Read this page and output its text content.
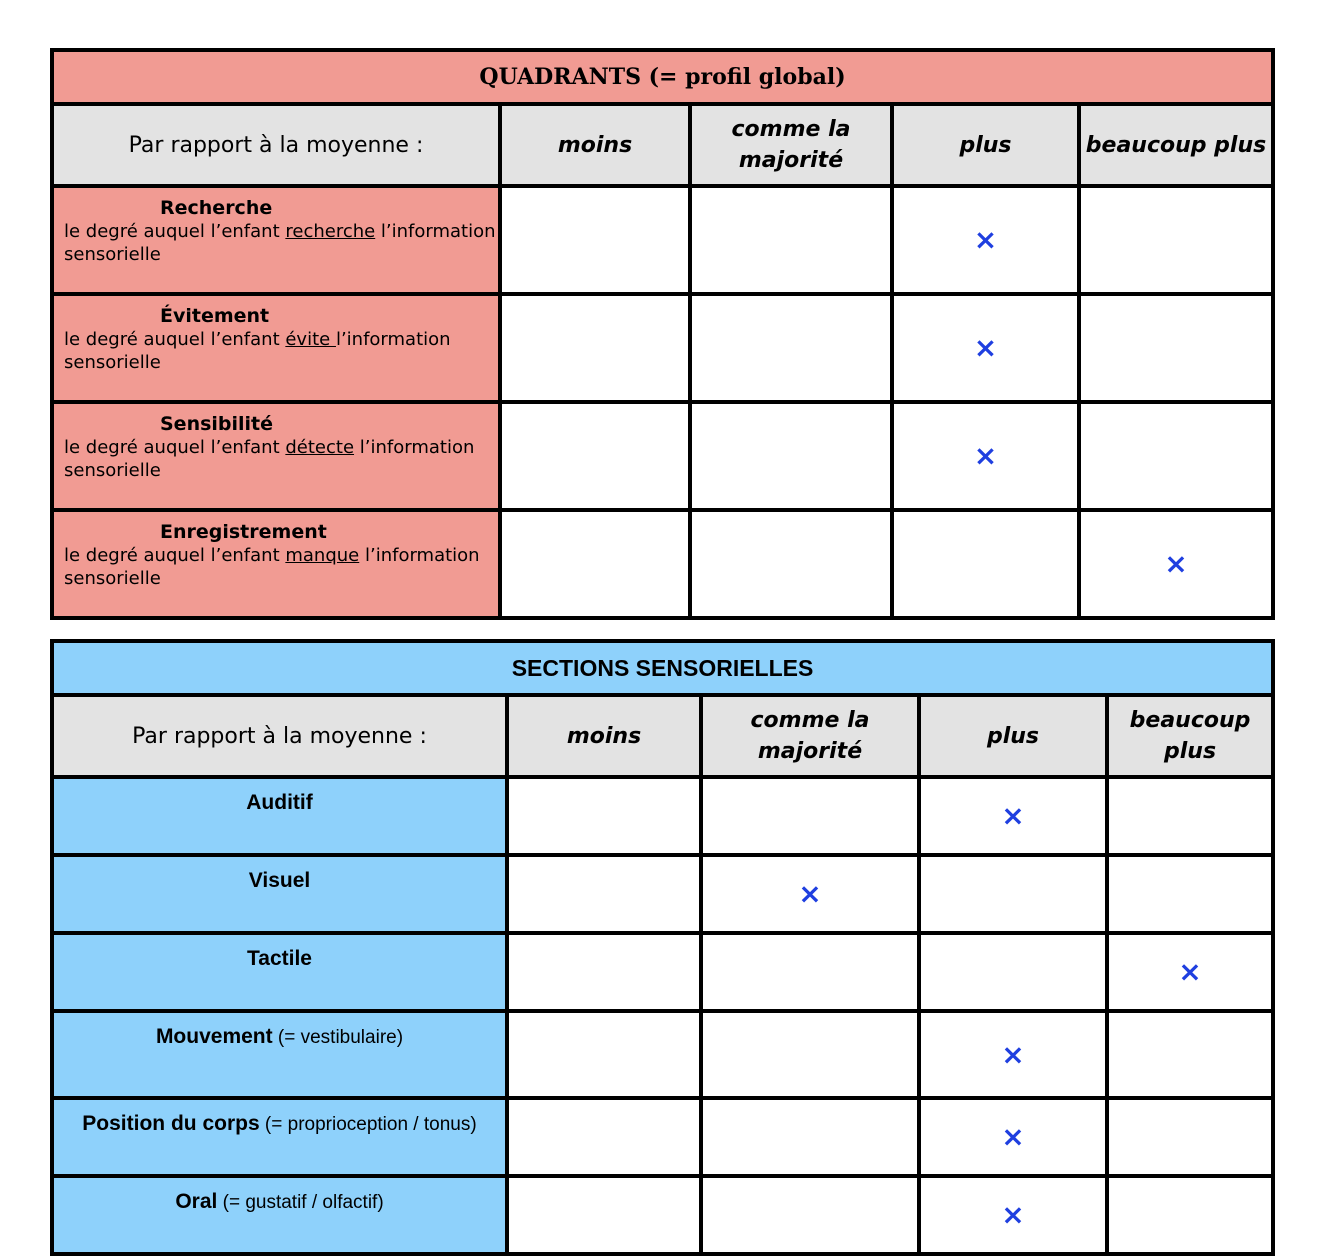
QUADRANTS (= profil global)				
Par rapport à la moyenne :	moins	comme la majorité	plus	beaucoup plus

Recherche
le degré auquel l’enfant recherche l’information sensorielle			×	

Évitement
le degré auquel l’enfant évite l’information sensorielle			×	

Sensibilité
le degré auquel l’enfant détecte l’information sensorielle			×	

Enregistrement
le degré auquel l’enfant manque l’information sensorielle				×
SECTIONS SENSORIELLES				
Par rapport à la moyenne :	moins	comme la majorité	plus	beaucoup plus
Auditif			×	
Visuel		×		
Tactile				×
Mouvement (= vestibulaire)			×	
Position du corps (= proprioception / tonus)			×	
Oral (= gustatif / olfactif)			×	
